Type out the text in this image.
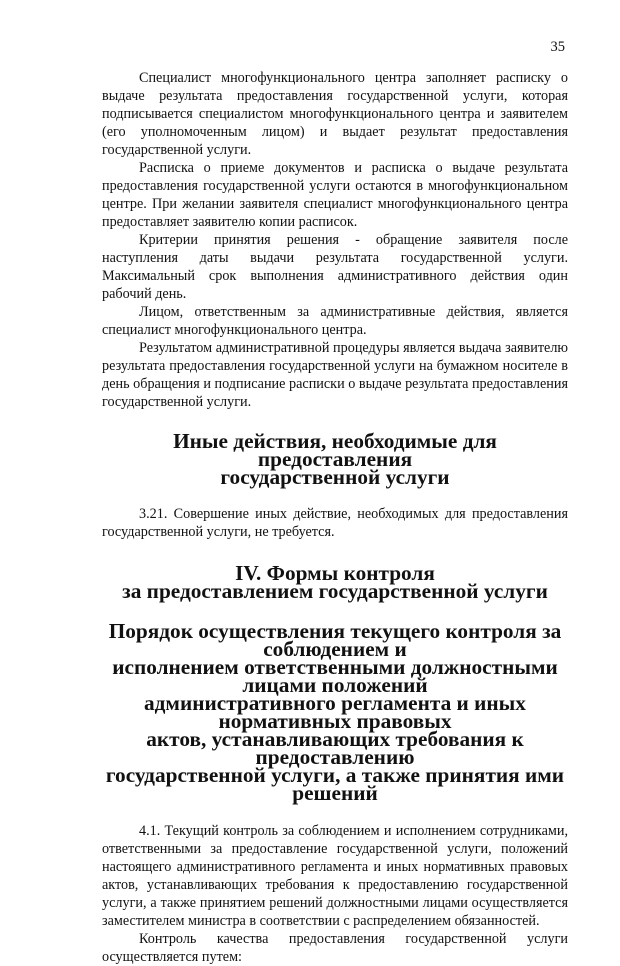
35

Специалист многофункционального центра заполняет расписку о выдаче результата предоставления государственной услуги, которая подписывается специалистом многофункционального центра и заявителем (его уполномоченным лицом) и выдает результат предоставления государственной услуги.

Расписка о приеме документов и расписка о выдаче результата предоставления государственной услуги остаются в многофункциональном центре. При желании заявителя специалист многофункционального центра предоставляет заявителю копии расписок.

Критерии принятия решения - обращение заявителя после наступления даты выдачи результата государственной услуги. Максимальный срок выполнения административного действия один рабочий день.

Лицом, ответственным за административные действия, является специалист многофункционального центра.

Результатом административной процедуры является выдача заявителю результата предоставления государственной услуги на бумажном носителе в день обращения и подписание расписки о выдаче результата предоставления государственной услуги.

Иные действия, необходимые для предоставления
государственной услуги

3.21. Совершение иных действие, необходимых для предоставления государственной услуги, не требуется.

IV. Формы контроля
за предоставлением государственной услуги
Порядок осуществления текущего контроля за соблюдением и
исполнением ответственными должностными лицами положений
административного регламента и иных нормативных правовых
актов, устанавливающих требования к предоставлению
государственной услуги, а также принятия ими решений

4.1. Текущий контроль за соблюдением и исполнением сотрудниками, ответственными за предоставление государственной услуги, положений настоящего административного регламента и иных нормативных правовых актов, устанавливающих требования к предоставлению государственной услуги, а также принятием решений должностными лицами осуществляется заместителем министра в соответствии с распределением обязанностей.

Контроль качества предоставления государственной услуги осуществляется путем:
